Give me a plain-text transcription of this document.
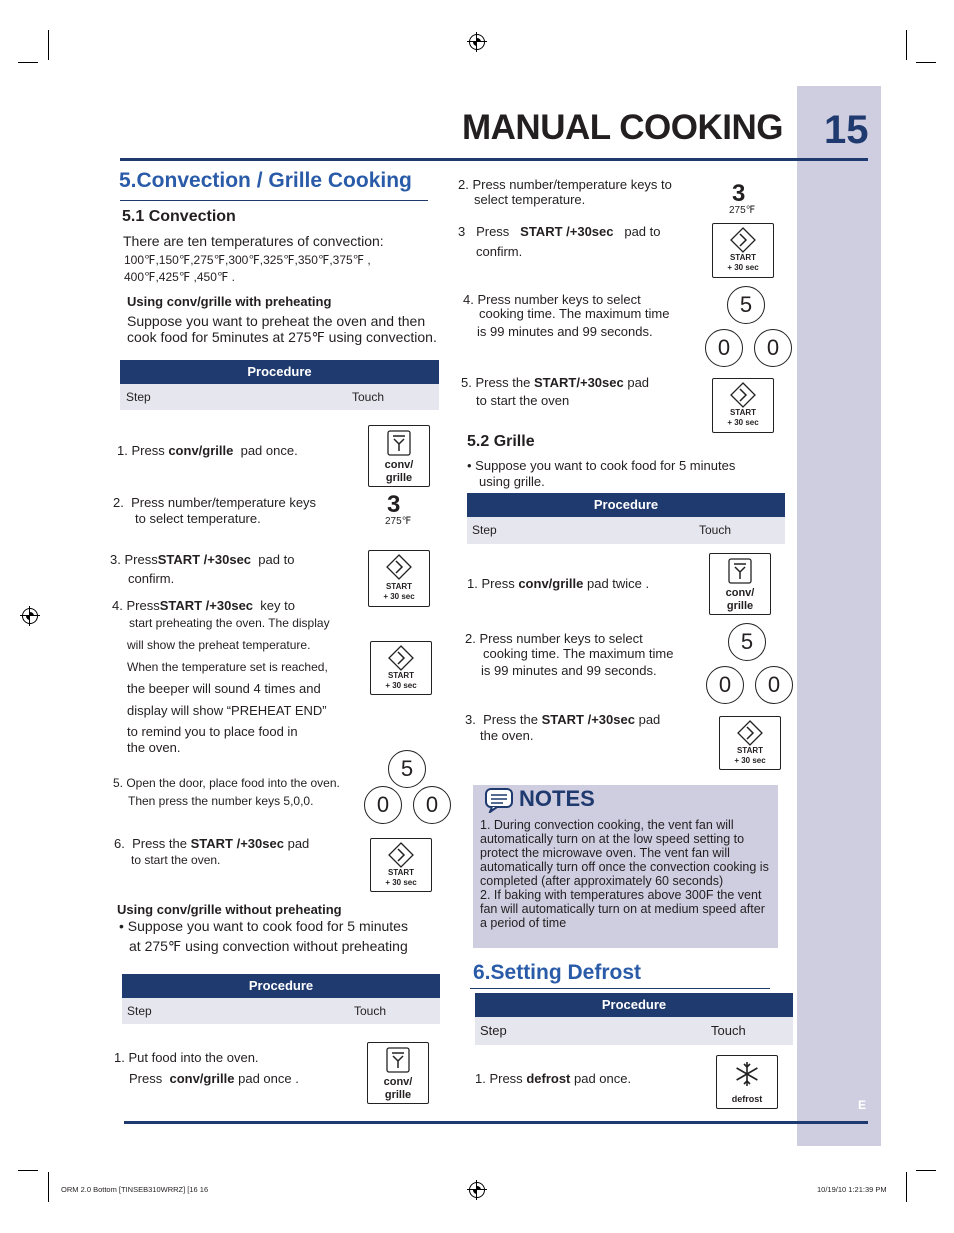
15
MANUAL COOKING
E
ORM 2.0 Bottom [TINSEB310WRRZ] [16 16	10/19/10 1:21:39 PM
5.Convection / Grille Cooking
5.1 Convection
There are ten temperatures of convection:
100℉,150℉,275℉,300℉,325℉,350℉,375℉ ,
400℉,425℉ ,450℉ .
Using conv/grille with preheating
Suppose you want to preheat the oven and then
cook food for 5minutes at 275℉ using convection.
Procedure
Step	Touch
1. Press conv/grille pad once.
conv/
grille
2. Press number/temperature keys
to select temperature.
3
275℉
3. PressSTART /+30sec pad to
confirm.
START
+ 30 sec
4. PressSTART /+30sec key to
start preheating the oven. The display
will show the preheat temperature.
When the temperature set is reached,
the beeper will sound 4 times and
display will show “PREHEAT END”
to remind you to place food in
the oven.
START
+ 30 sec
5. Open the door, place food into the oven.
Then press the number keys 5,0,0.
5
0	0
6. Press the START /+30sec pad
to start the oven.
START
+ 30 sec
Using conv/grille without preheating
• Suppose you want to cook food for 5 minutes
at 275℉ using convection without preheating
Procedure
Step	Touch
1. Put food into the oven.
Press conv/grille pad once .	conv/
grille
2. Press number/temperature keys to
select temperature.	3
275℉
3 Press START /+30sec pad to
confirm.	START
+ 30 sec
4. Press number keys to select
cooking time. The maximum time
is 99 minutes and 99 seconds.
5
0	0
5. Press the START/+30sec pad
to start the oven
START
+ 30 sec
5.2 Grille
• Suppose you want to cook food for 5 minutes
using grille.
Procedure
Step	Touch
1. Press conv/grille pad twice .
conv/
grille
2. Press number keys to select
cooking time. The maximum time
is 99 minutes and 99 seconds.
5
0	0
3. Press the START /+30sec pad
the oven.
START
+ 30 sec
NOTES
1. During convection cooking, the vent fan will automatically turn on at the low speed setting to protect the microwave oven. The vent fan will automatically turn off once the convection cooking is completed (after approximately 60 seconds)
2. If baking with temperatures above 300F the vent fan will automatically turn on at medium speed after a period of time
6.Setting Defrost
Procedure
Step	Touch
1. Press defrost pad once.
defrost
